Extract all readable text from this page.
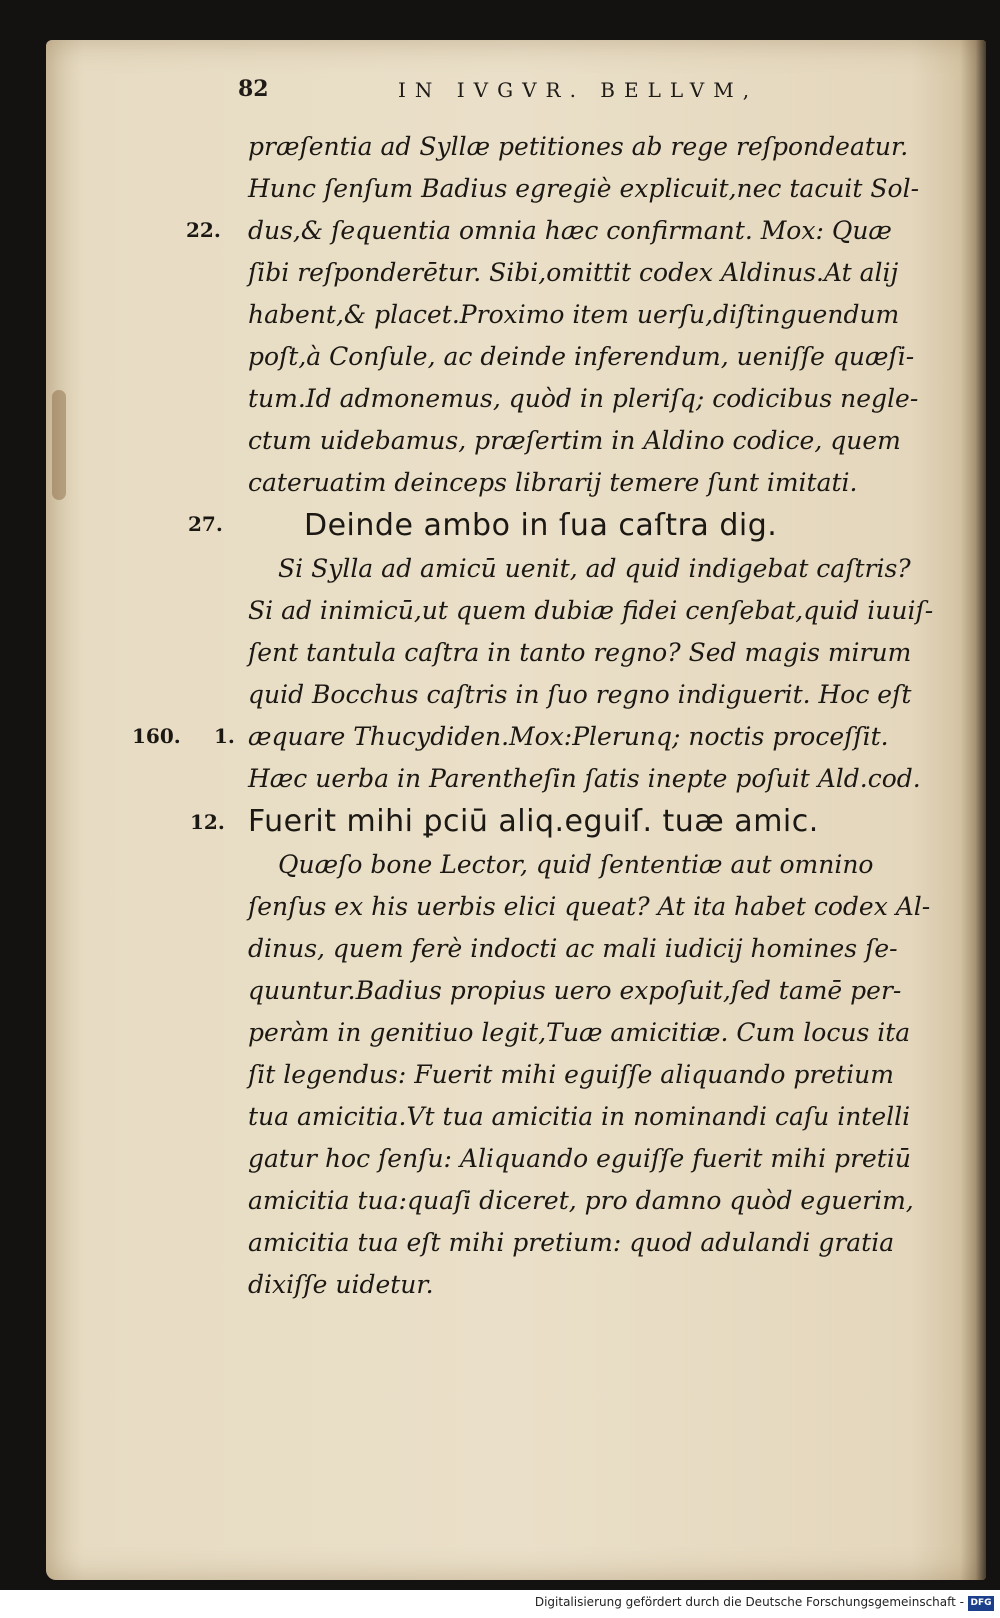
82	IN IVGVR. BELLVM,
22.
27.
160. 1.
12.
præſentia ad Syllæ petitiones ab rege reſpondeatur.
Hunc ſenſum Badius egregiè explicuit,nec tacuit Sol-
dus,& ſequentia omnia hæc confirmant. Mox: Quæ
ſibi reſponderētur. Sibi,omittit codex Aldinus.At alij
habent,& placet.Proximo item uerſu,diſtinguendum
poſt,à Conſule, ac deinde inferendum, ueniſſe quæſi-
tum.Id admonemus, quòd in pleriſq; codicibus negle-
ctum uidebamus, præſertim in Aldino codice, quem
cateruatim deinceps librarij temere ſunt imitati.
Deinde ambo in ſua caſtra dig.
Si Sylla ad amicū uenit, ad quid indigebat caſtris?
Si ad inimicū,ut quem dubiæ fidei cenſebat,quid iuuiſ-
ſent tantula caſtra in tanto regno? Sed magis mirum
quid Bocchus caſtris in ſuo regno indiguerit. Hoc eſt
æquare Thucydiden.Mox:Plerunq; noctis proceſſit.
Hæc uerba in Parentheſin ſatis inepte poſuit Ald.cod.
Fuerit mihi ꝑciū aliq.eguiſ. tuæ amic.
Quæſo bone Lector, quid ſententiæ aut omnino
ſenſus ex his uerbis elici queat? At ita habet codex Al-
dinus, quem ferè indocti ac mali iudicij homines ſe-
quuntur.Badius propius uero expoſuit,ſed tamē per-
peràm in genitiuo legit,Tuæ amicitiæ. Cum locus ita
ſit legendus: Fuerit mihi eguiſſe aliquando pretium
tua amicitia.Vt tua amicitia in nominandi caſu intelli
gatur hoc ſenſu: Aliquando eguiſſe fuerit mihi pretiū
amicitia tua:quaſi diceret, pro damno quòd eguerim,
amicitia tua eſt mihi pretium: quod adulandi gratia
dixiſſe uidetur.
Digitalisierung gefördert durch die Deutsche Forschungsgemeinschaft - DFG
